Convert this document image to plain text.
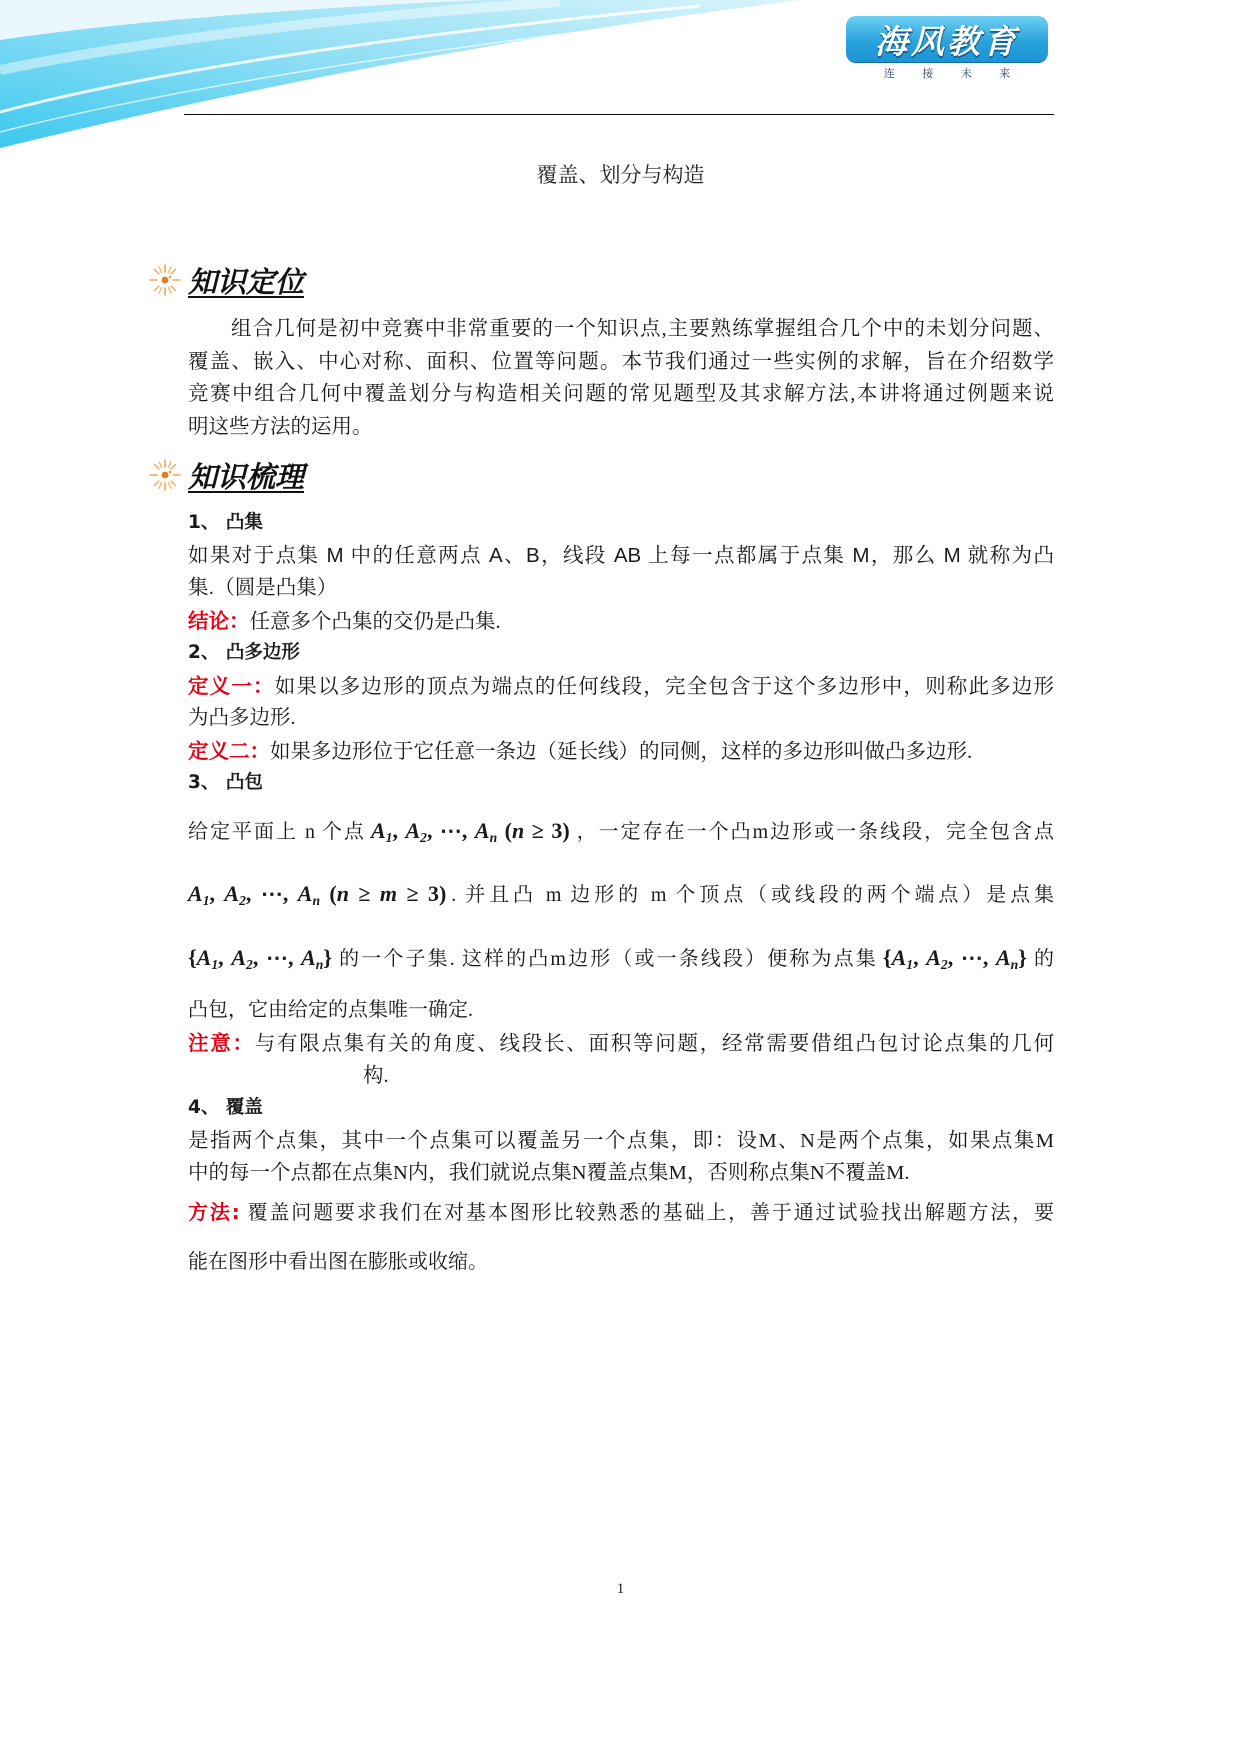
海风教育
连 接 未 来
覆盖、划分与构造
知识定位
组合几何是初中竞赛中非常重要的一个知识点,主要熟练掌握组合几个中的未划分问题、
覆盖、嵌入、中心对称、面积、位置等问题。本节我们通过一些实例的求解，旨在介绍数学
竞赛中组合几何中覆盖划分与构造相关问题的常见题型及其求解方法,本讲将通过例题来说
明这些方法的运用。
知识梳理
1、 凸集
如果对于点集 M 中的任意两点 A、B，线段 AB 上每一点都属于点集 M，那么 M 就称为凸
集.（圆是凸集）
结论：任意多个凸集的交仍是凸集.
2、 凸多边形
定义一：如果以多边形的顶点为端点的任何线段，完全包含于这个多边形中，则称此多边形
为凸多边形.
定义二：如果多边形位于它任意一条边（延长线）的同侧，这样的多边形叫做凸多边形.
3、 凸包
给定平面上 n 个点 $A_1$, $A_2$, ⋯, $A_n$ (n ≥ 3) ，一定存在一个凸m边形或一条线段，完全包含点
$A_1$, $A_2$, ⋯, $A_n$ (n ≥ m ≥ 3) . 并且凸 m 边形的 m 个顶点（或线段的两个端点）是点集
{$A_1$, $A_2$, ⋯, $A_n$} 的一个子集. 这样的凸m边形（或一条线段）便称为点集 {$A_1$, $A_2$, ⋯, $A_n$} 的
凸包，它由给定的点集唯一确定.
注意：与有限点集有关的角度、线段长、面积等问题，经常需要借组凸包讨论点集的几何
构.
4、 覆盖
是指两个点集，其中一个点集可以覆盖另一个点集，即：设M、N是两个点集，如果点集M
中的每一个点都在点集N内，我们就说点集N覆盖点集M，否则称点集N不覆盖M.
方法: 覆盖问题要求我们在对基本图形比较熟悉的基础上，善于通过试验找出解题方法，要
能在图形中看出图在膨胀或收缩。
1
